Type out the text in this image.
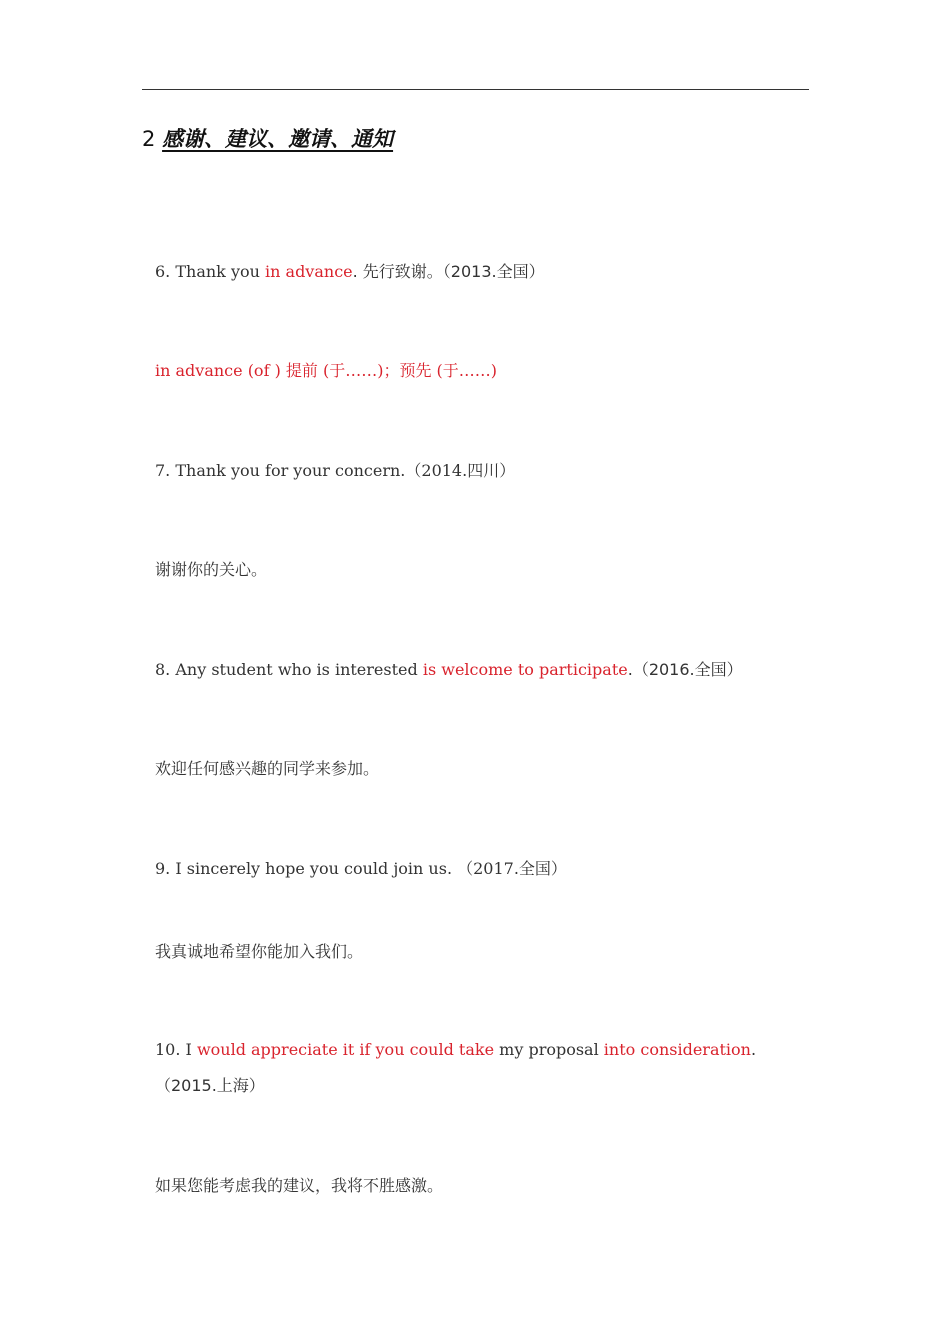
2 感谢、建议、邀请、通知
6. Thank you in advance. 先行致谢。（2013.全国）
in advance (of ) 提前 (于……)；预先 (于……)
7. Thank you for your concern.（2014.四川）
谢谢你的关心。
8. Any student who is interested is welcome to participate.（2016.全国）
欢迎任何感兴趣的同学来参加。
9. I sincerely hope you could join us. （2017.全国）
我真诚地希望你能加入我们。
10. I would appreciate it if you could take my proposal into consideration.
（2015.上海）
如果您能考虑我的建议，我将不胜感激。
